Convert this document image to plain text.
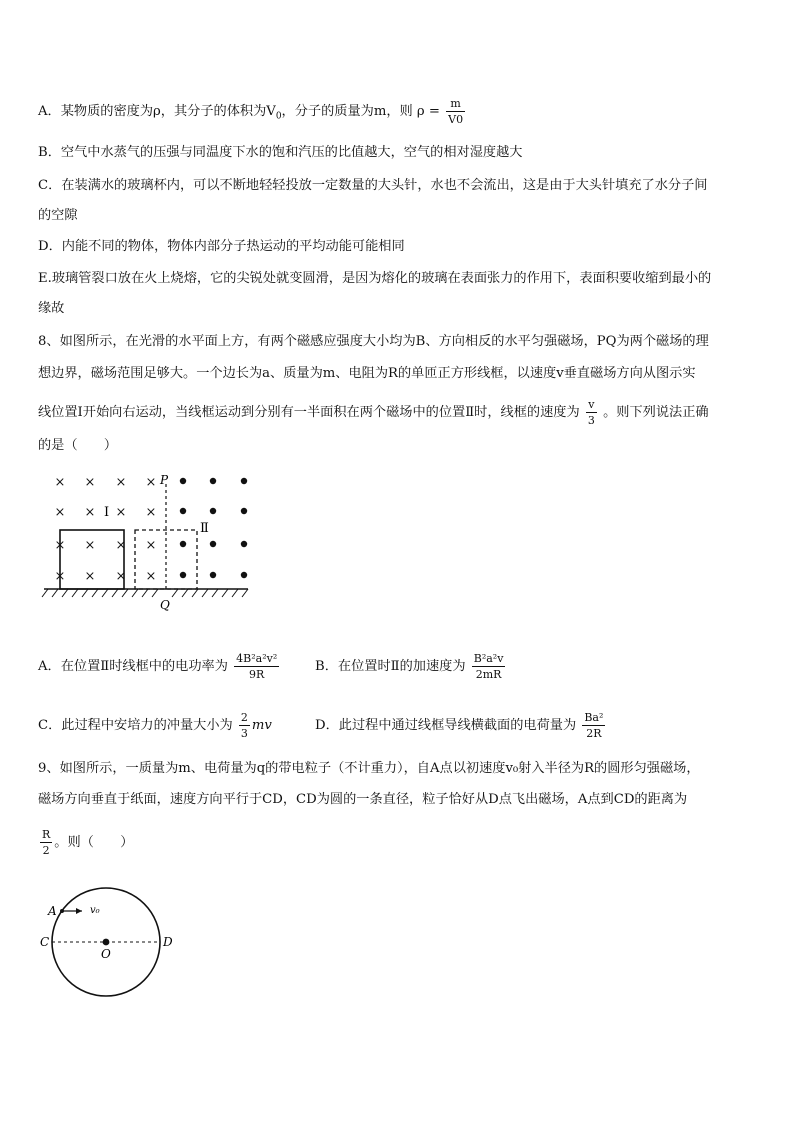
A．某物质的密度为ρ，其分子的体积为$V_0$，分子的质量为m，则 $\rho = \frac{m}{V0}$
B．空气中水蒸气的压强与同温度下水的饱和汽压的比值越大，空气的相对湿度越大
C．在装满水的玻璃杯内，可以不断地轻轻投放一定数量的大头针，水也不会流出，这是由于大头针填充了水分子间
的空隙
D．内能不同的物体，物体内部分子热运动的平均动能可能相同
E.玻璃管裂口放在火上烧熔，它的尖锐处就变圆滑，是因为熔化的玻璃在表面张力的作用下，表面积要收缩到最小的
缘故
8、如图所示，在光滑的水平面上方，有两个磁感应强度大小均为B、方向相反的水平匀强磁场，PQ为两个磁场的理
想边界，磁场范围足够大。一个边长为a、质量为m、电阻为R的单匝正方形线框，以速度v垂直磁场方向从图示实
线位置Ⅰ开始向右运动，当线框运动到分别有一半面积在两个磁场中的位置Ⅱ时，线框的速度为 $\frac{v}{3}$ 。则下列说法正确
的是（　　）
× × × ×
× × × ×
× × × ×
× × × ×
P
Q
Ⅰ
Ⅱ
A．在位置Ⅱ时线框中的电功率为 $\frac{\text{4B²a²v²}}{9R}$	B．在位置时Ⅱ的加速度为 $\frac{\text{B²a²v}}{2mR}$
C．此过程中安培力的冲量大小为 $\frac{2}{3}$ mv	D．此过程中通过线框导线横截面的电荷量为 $\frac{\text{Ba²}}{2R}$
9、如图所示，一质量为m、电荷量为q的带电粒子（不计重力），自A点以初速度v₀射入半径为R的圆形匀强磁场，
磁场方向垂直于纸面，速度方向平行于CD，CD为圆的一条直径，粒子恰好从D点飞出磁场，A点到CD的距离为
$\frac{R}{2}$ 。则（　　）
A	v₀
C	D
O
